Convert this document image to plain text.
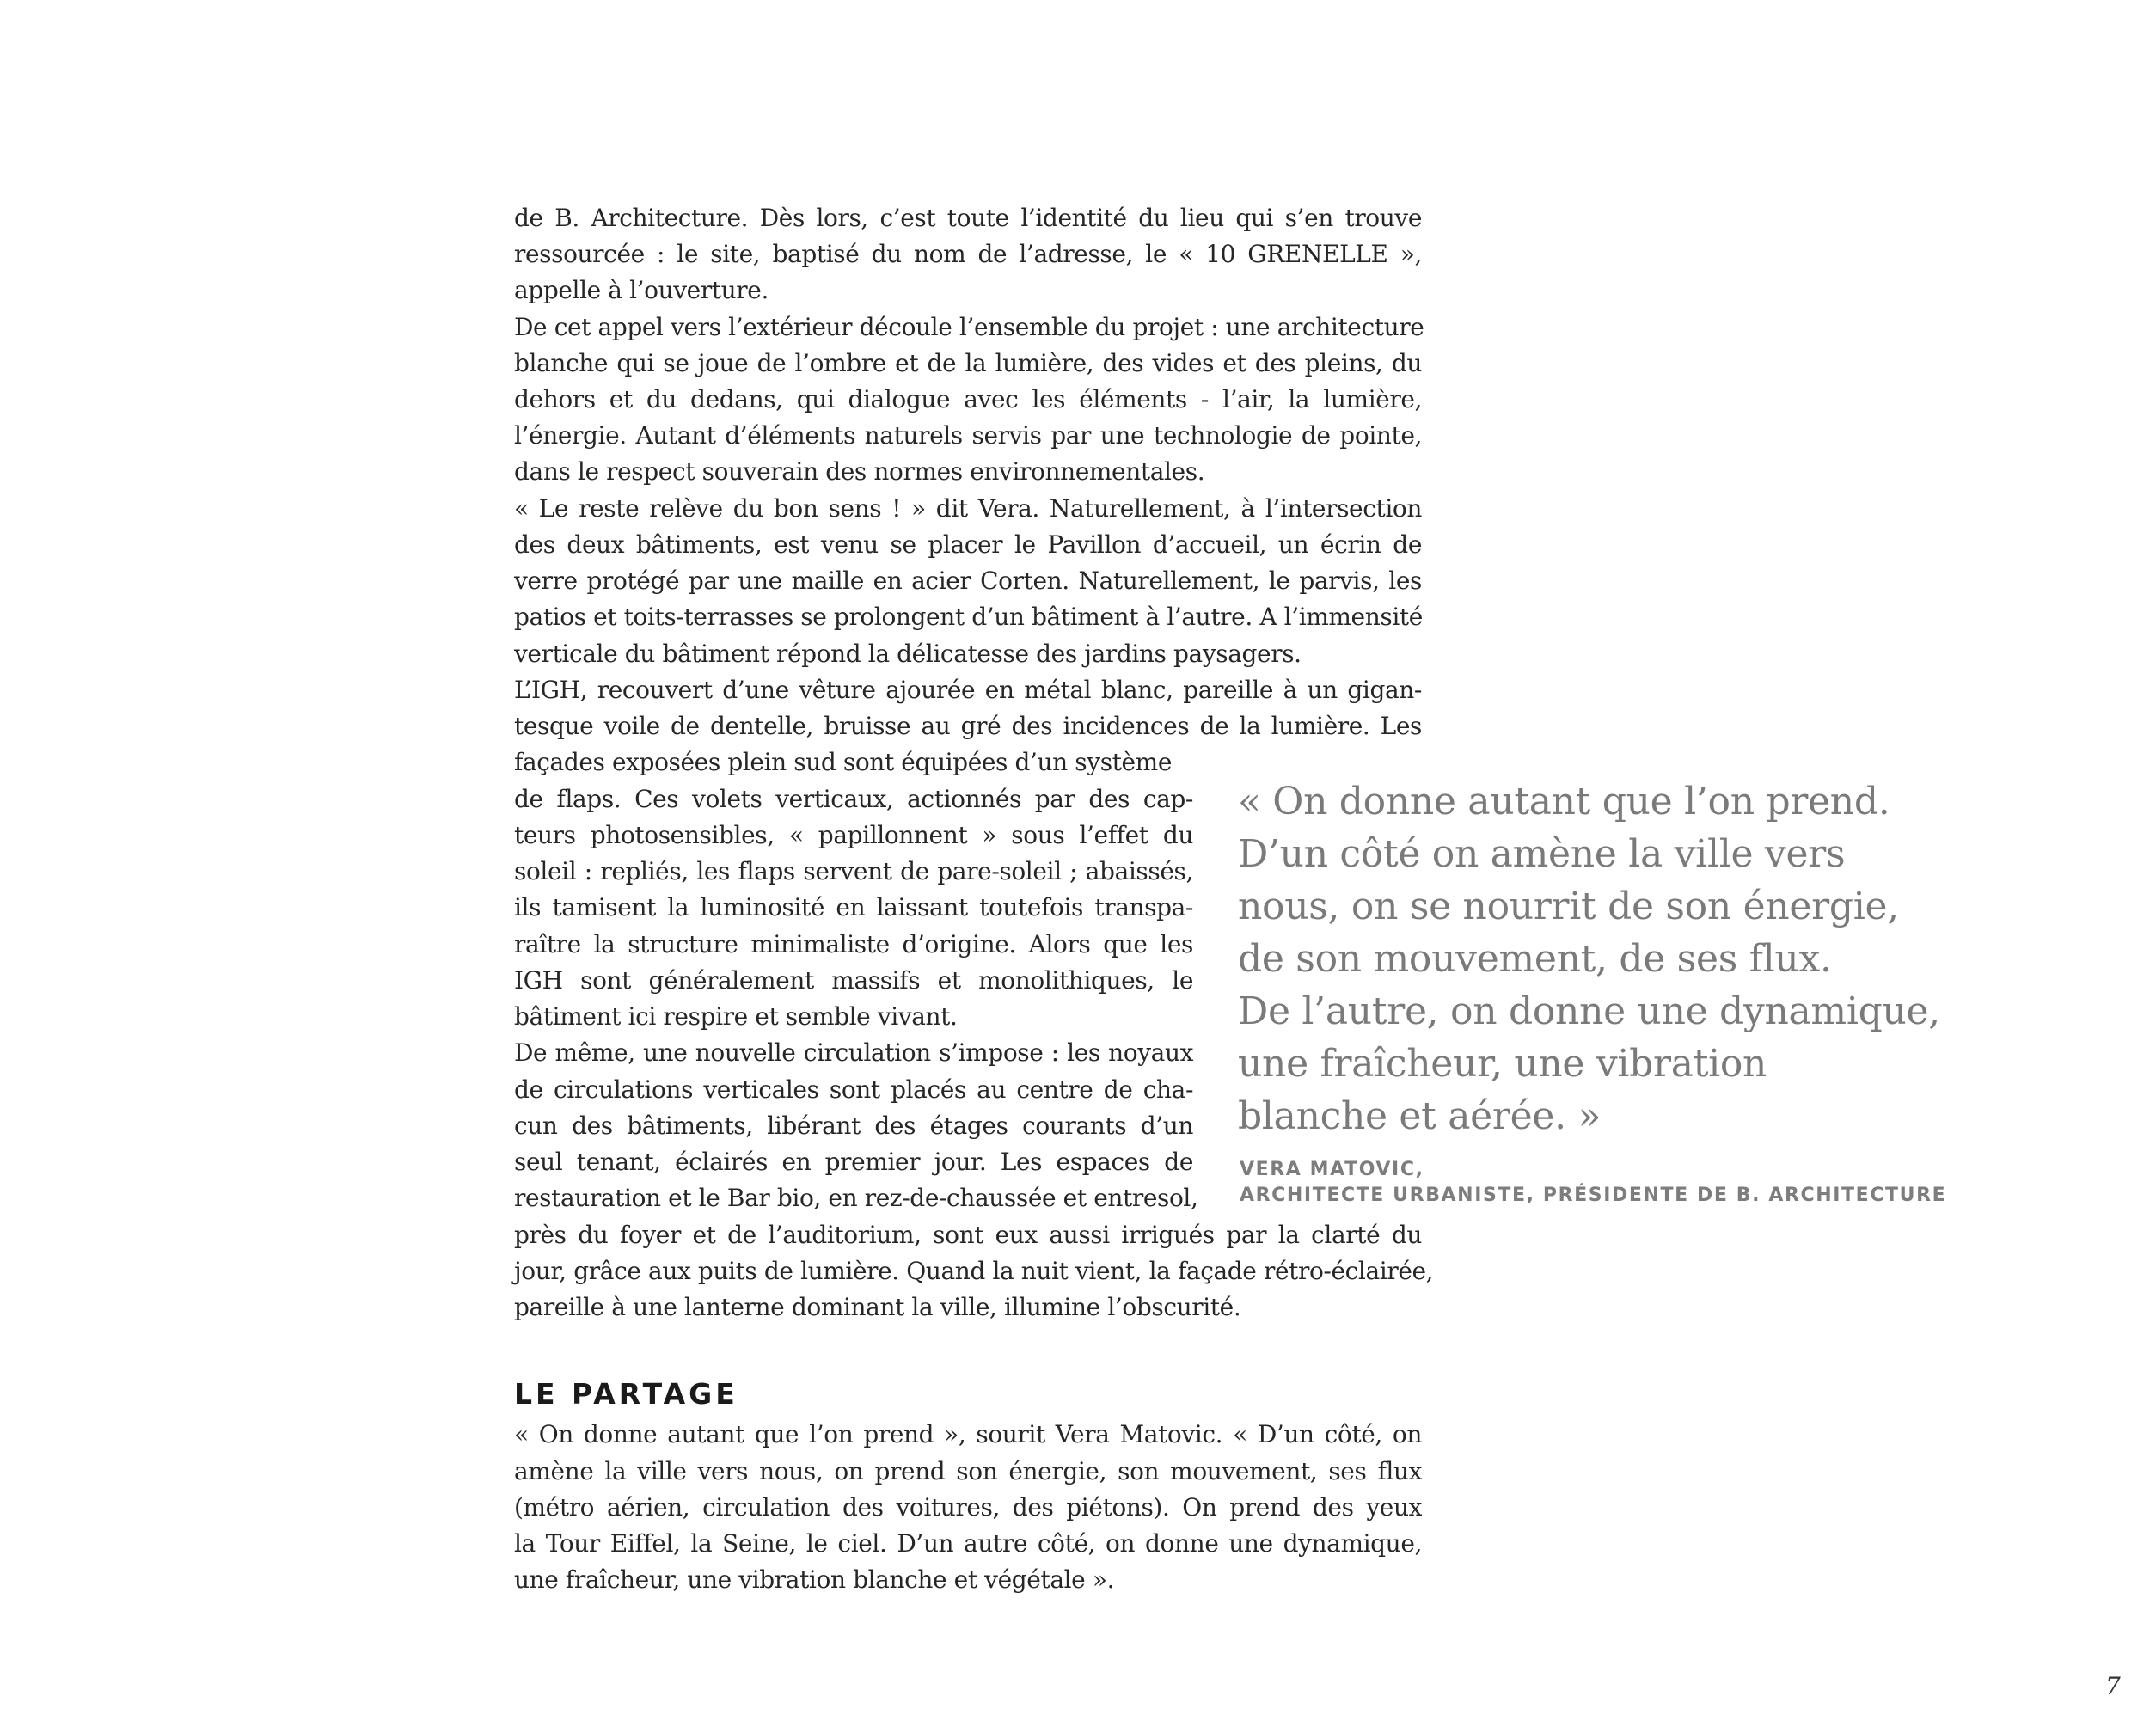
de B. Architecture. Dès lors, c’est toute l’identité du lieu qui s’en trouve
ressourcée : le site, baptisé du nom de l’adresse, le « 10 GRENELLE »,
appelle à l’ouverture.
De cet appel vers l’extérieur découle l’ensemble du projet : une architecture
blanche qui se joue de l’ombre et de la lumière, des vides et des pleins, du
dehors et du dedans, qui dialogue avec les éléments - l’air, la lumière,
l’énergie. Autant d’éléments naturels servis par une technologie de pointe,
dans le respect souverain des normes environnementales.
« Le reste relève du bon sens ! » dit Vera. Naturellement, à l’intersection
des deux bâtiments, est venu se placer le Pavillon d’accueil, un écrin de
verre protégé par une maille en acier Corten. Naturellement, le parvis, les
patios et toits-terrasses se prolongent d’un bâtiment à l’autre. A l’immensité
verticale du bâtiment répond la délicatesse des jardins paysagers.
L’IGH, recouvert d’une vêture ajourée en métal blanc, pareille à un gigan-
tesque voile de dentelle, bruisse au gré des incidences de la lumière. Les
façades exposées plein sud sont équipées d’un système
de flaps. Ces volets verticaux, actionnés par des cap-
teurs photosensibles, « papillonnent » sous l’effet du
soleil : repliés, les flaps servent de pare-soleil ; abaissés,
ils tamisent la luminosité en laissant toutefois transpa-
raître la structure minimaliste d’origine. Alors que les
IGH sont généralement massifs et monolithiques, le
bâtiment ici respire et semble vivant.
De même, une nouvelle circulation s’impose : les noyaux
de circulations verticales sont placés au centre de cha-
cun des bâtiments, libérant des étages courants d’un
seul tenant, éclairés en premier jour. Les espaces de
restauration et le Bar bio, en rez-de-chaussée et entresol,
près du foyer et de l’auditorium, sont eux aussi irrigués par la clarté du
jour, grâce aux puits de lumière. Quand la nuit vient, la façade rétro-éclairée,
pareille à une lanterne dominant la ville, illumine l’obscurité.
LE PARTAGE
« On donne autant que l’on prend », sourit Vera Matovic. « D’un côté, on
amène la ville vers nous, on prend son énergie, son mouvement, ses flux
(métro aérien, circulation des voitures, des piétons). On prend des yeux
la Tour Eiffel, la Seine, le ciel. D’un autre côté, on donne une dynamique,
une fraîcheur, une vibration blanche et végétale ».
« On donne autant que l’on prend.
D’un côté on amène la ville vers
nous, on se nourrit de son énergie,
de son mouvement, de ses flux.
De l’autre, on donne une dynamique,
une fraîcheur, une vibration
blanche et aérée. »
VERA MATOVIC,
ARCHITECTE URBANISTE, PRÉSIDENTE DE B. ARCHITECTURE
7
